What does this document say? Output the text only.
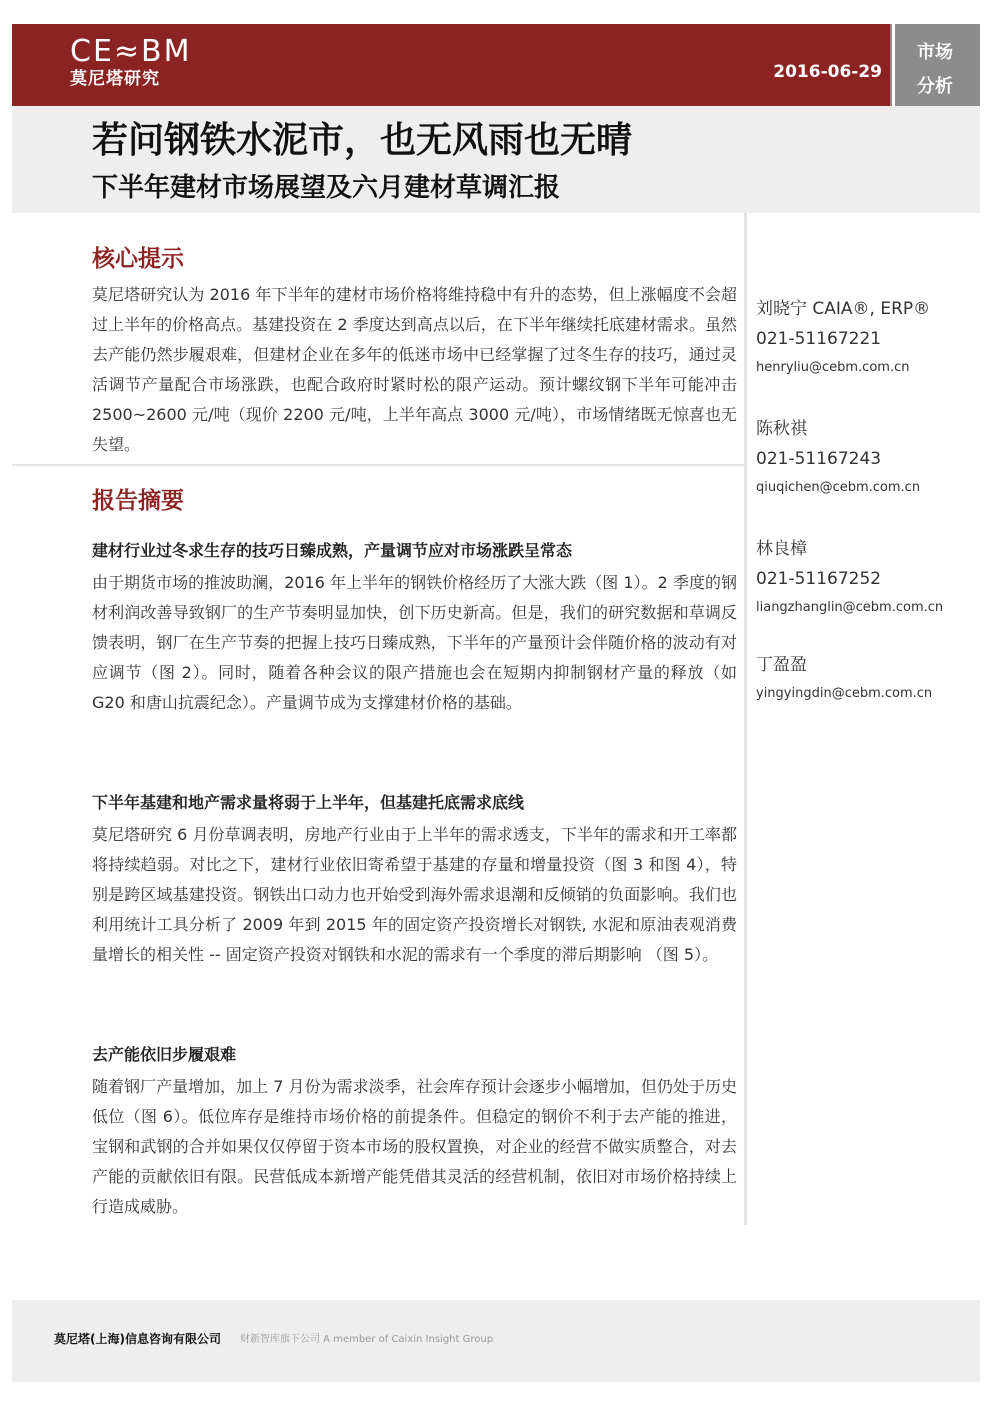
CE≈BM
莫尼塔研究	2016-06-29
市场
分析
若问钢铁水泥市，也无风雨也无晴
下半年建材市场展望及六月建材草调汇报
核心提示
莫尼塔研究认为 2016 年下半年的建材市场价格将维持稳中有升的态势，但上涨幅度不会超过上半年的价格高点。基建投资在 2 季度达到高点以后，在下半年继续托底建材需求。虽然去产能仍然步履艰难，但建材企业在多年的低迷市场中已经掌握了过冬生存的技巧，通过灵活调节产量配合市场涨跌，也配合政府时紧时松的限产运动。预计螺纹钢下半年可能冲击 2500~2600 元/吨（现价 2200 元/吨，上半年高点 3000 元/吨），市场情绪既无惊喜也无失望。
报告摘要
建材行业过冬求生存的技巧日臻成熟，产量调节应对市场涨跌呈常态
由于期货市场的推波助澜，2016 年上半年的钢铁价格经历了大涨大跌（图 1）。2 季度的钢材利润改善导致钢厂的生产节奏明显加快，创下历史新高。但是，我们的研究数据和草调反馈表明，钢厂在生产节奏的把握上技巧日臻成熟，下半年的产量预计会伴随价格的波动有对应调节（图 2）。同时，随着各种会议的限产措施也会在短期内抑制钢材产量的释放（如 G20 和唐山抗震纪念）。产量调节成为支撑建材价格的基础。
下半年基建和地产需求量将弱于上半年，但基建托底需求底线
莫尼塔研究 6 月份草调表明，房地产行业由于上半年的需求透支，下半年的需求和开工率都将持续趋弱。对比之下，建材行业依旧寄希望于基建的存量和增量投资（图 3 和图 4），特别是跨区域基建投资。钢铁出口动力也开始受到海外需求退潮和反倾销的负面影响。我们也利用统计工具分析了 2009 年到 2015 年的固定资产投资增长对钢铁, 水泥和原油表观消费量增长的相关性 -- 固定资产投资对钢铁和水泥的需求有一个季度的滞后期影响 （图 5）。
去产能依旧步履艰难
随着钢厂产量增加，加上 7 月份为需求淡季，社会库存预计会逐步小幅增加，但仍处于历史低位（图 6）。低位库存是维持市场价格的前提条件。但稳定的钢价不利于去产能的推进，宝钢和武钢的合并如果仅仅停留于资本市场的股权置换，对企业的经营不做实质整合，对去产能的贡献依旧有限。民营低成本新增产能凭借其灵活的经营机制，依旧对市场价格持续上行造成威胁。
刘晓宁 CAIA®, ERP®
021-51167221
henryliu@cebm.com.cn
陈秋祺
021-51167243
qiuqichen@cebm.com.cn
林良樟
021-51167252
liangzhanglin@cebm.com.cn
丁盈盈
yingyingdin@cebm.com.cn
莫尼塔(上海)信息咨询有限公司 财新智库旗下公司 A member of Caixin Insight Group
